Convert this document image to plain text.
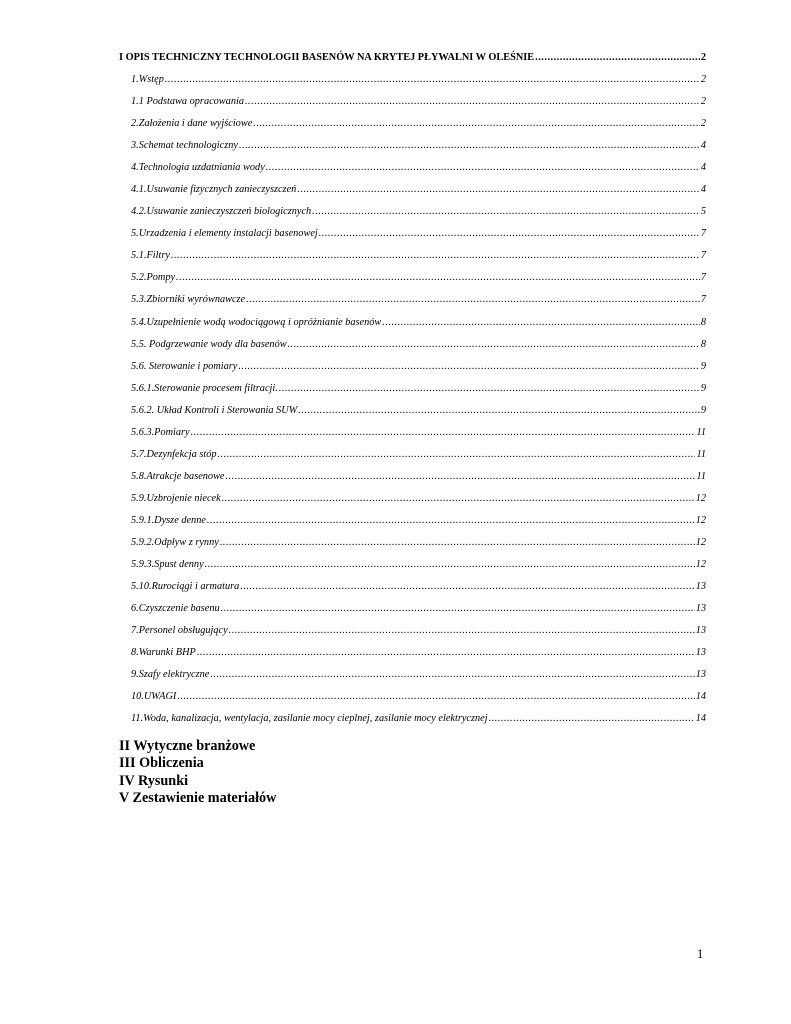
I OPIS TECHNICZNY TECHNOLOGII BASENÓW NA KRYTEJ PŁYWALNI W OLEŚNIE .....	2
1.Wstęp .....	2
1.1 Podstawa opracowania .....	2
2.Założenia i dane wyjściowe .....	2
3.Schemat technologiczny .....	4
4.Technologia uzdatniania wody .....	4
4.1.Usuwanie fizycznych zanieczyszczeń .....	4
4.2.Usuwanie zanieczyszczeń biologicznych .....	5
5.Urzadzenia i elementy instalacji basenowej .....	7
5.1.Filtry .....	7
5.2.Pompy .....	7
5.3.Zbiorniki wyrównawcze .....	7
5.4.Uzupełnienie wodą wodociągową i opróżnianie basenów .....	8
5.5. Podgrzewanie wody dla basenów .....	8
5.6. Sterowanie i pomiary .....	9
5.6.1.Sterowanie procesem filtracji. .....	9
5.6.2. Układ Kontroli i Sterowania SUW .....	9
5.6.3.Pomiary .....	11
5.7.Dezynfekcja stóp .....	11
5.8.Atrakcje basenowe .....	11
5.9.Uzbrojenie niecek .....	12
5.9.1.Dysze denne .....	12
5.9.2.Odpływ z rynny .....	12
5.9.3.Spust denny .....	12
5.10.Rurociągi i armatura .....	13
6.Czyszczenie basenu .....	13
7.Personel obsługujący .....	13
8.Warunki BHP .....	13
9.Szafy elektryczne .....	13
10.UWAGI .....	14
11.Woda, kanalizacja, wentylacja, zasilanie mocy cieplnej, zasilanie mocy elektrycznej .....	14
II Wytyczne branżowe
III Obliczenia
IV Rysunki
V Zestawienie materiałów
1
